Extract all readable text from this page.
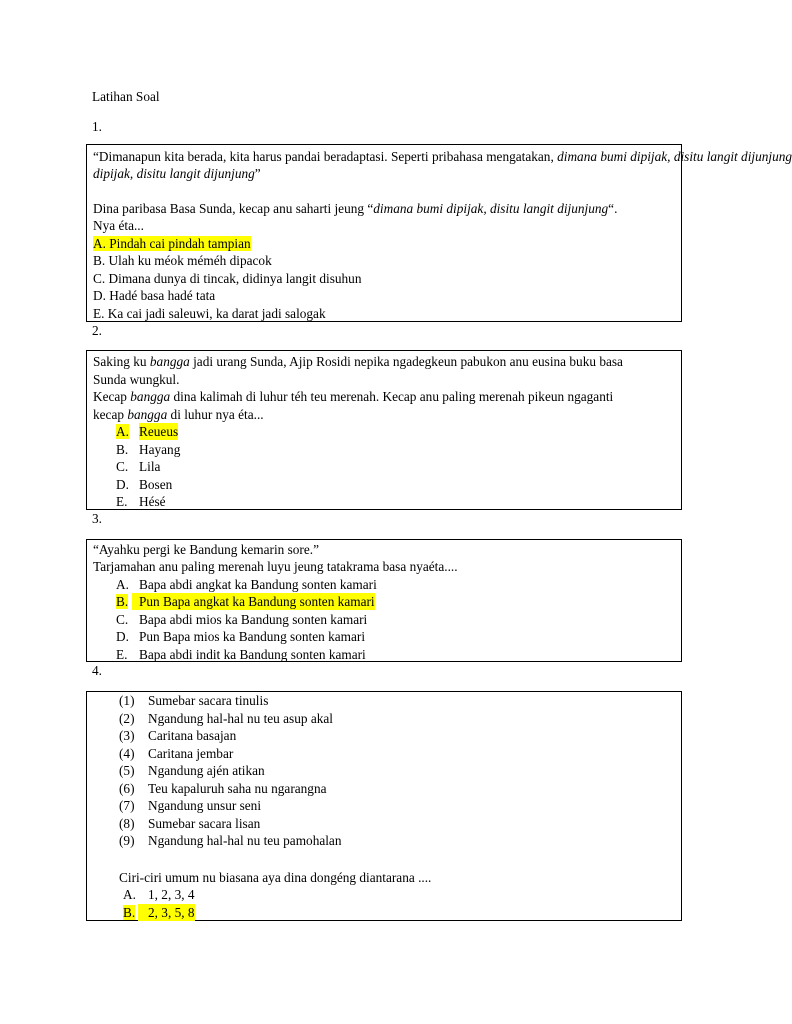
Latihan Soal
1.
“Dimanapun kita berada, kita harus pandai beradaptasi. Seperti pribahasa mengatakan, dimana bumi dipijak, disitu langit dijunjung
dipijak, disitu langit dijunjung”
Dina paribasa Basa Sunda, kecap anu saharti jeung “dimana bumi dipijak, disitu langit dijunjung“.
Nya éta...
A. Pindah cai pindah tampian
B. Ulah ku méok méméh dipacok
C. Dimana dunya di tincak, didinya langit disuhun
D. Hadé basa hadé tata
E. Ka cai jadi saleuwi, ka darat jadi salogak
2.
Saking ku bangga jadi urang Sunda, Ajip Rosidi nepika ngadegkeun pabukon anu eusina buku basa
Sunda wungkul.
Kecap bangga dina kalimah di luhur téh teu merenah. Kecap anu paling merenah pikeun ngaganti
kecap bangga di luhur nya éta...
A. Reueus
B. Hayang
C. Lila
D. Bosen
E. Hésé
3.
“Ayahku pergi ke Bandung kemarin sore.”
Tarjamahan anu paling merenah luyu jeung tatakrama basa nyaéta....
A. Bapa abdi angkat ka Bandung sonten kamari
B. Pun Bapa angkat ka Bandung sonten kamari
C. Bapa abdi mios ka Bandung sonten kamari
D. Pun Bapa mios ka Bandung sonten kamari
E. Bapa abdi indit ka Bandung sonten kamari
4.
(1) Sumebar sacara tinulis
(2) Ngandung hal-hal nu teu asup akal
(3) Caritana basajan
(4) Caritana jembar
(5) Ngandung ajén atikan
(6) Teu kapaluruh saha nu ngarangna
(7) Ngandung unsur seni
(8) Sumebar sacara lisan
(9) Ngandung hal-hal nu teu pamohalan
Ciri-ciri umum nu biasana aya dina dongéng diantarana ....
A. 1, 2, 3, 4
B. 2, 3, 5, 8
